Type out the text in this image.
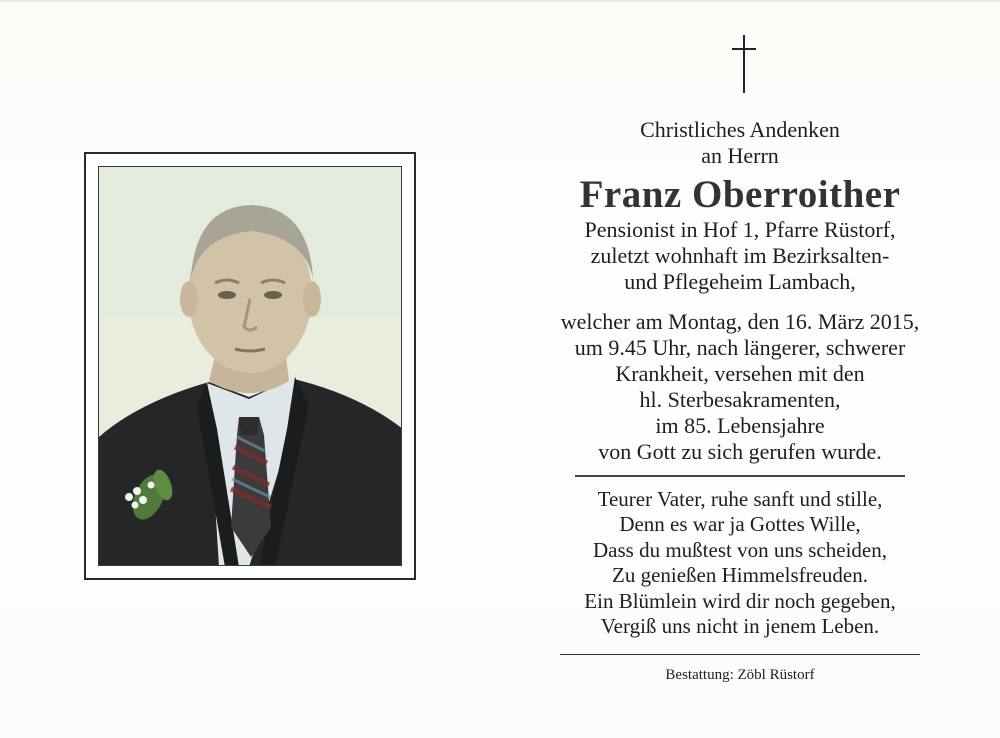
Christliches Andenken
an Herrn
Franz Oberroither
Pensionist in Hof 1, Pfarre Rüstorf,
zuletzt wohnhaft im Bezirksalten-
und Pflegeheim Lambach,
welcher am Montag, den 16. März 2015,
um 9.45 Uhr, nach längerer, schwerer
Krankheit, versehen mit den
hl. Sterbesakramenten,
im 85. Lebensjahre
von Gott zu sich gerufen wurde.
Teurer Vater, ruhe sanft und stille,
Denn es war ja Gottes Wille,
Dass du mußtest von uns scheiden,
Zu genießen Himmelsfreuden.
Ein Blümlein wird dir noch gegeben,
Vergiß uns nicht in jenem Leben.
Bestattung: Zöbl Rüstorf
